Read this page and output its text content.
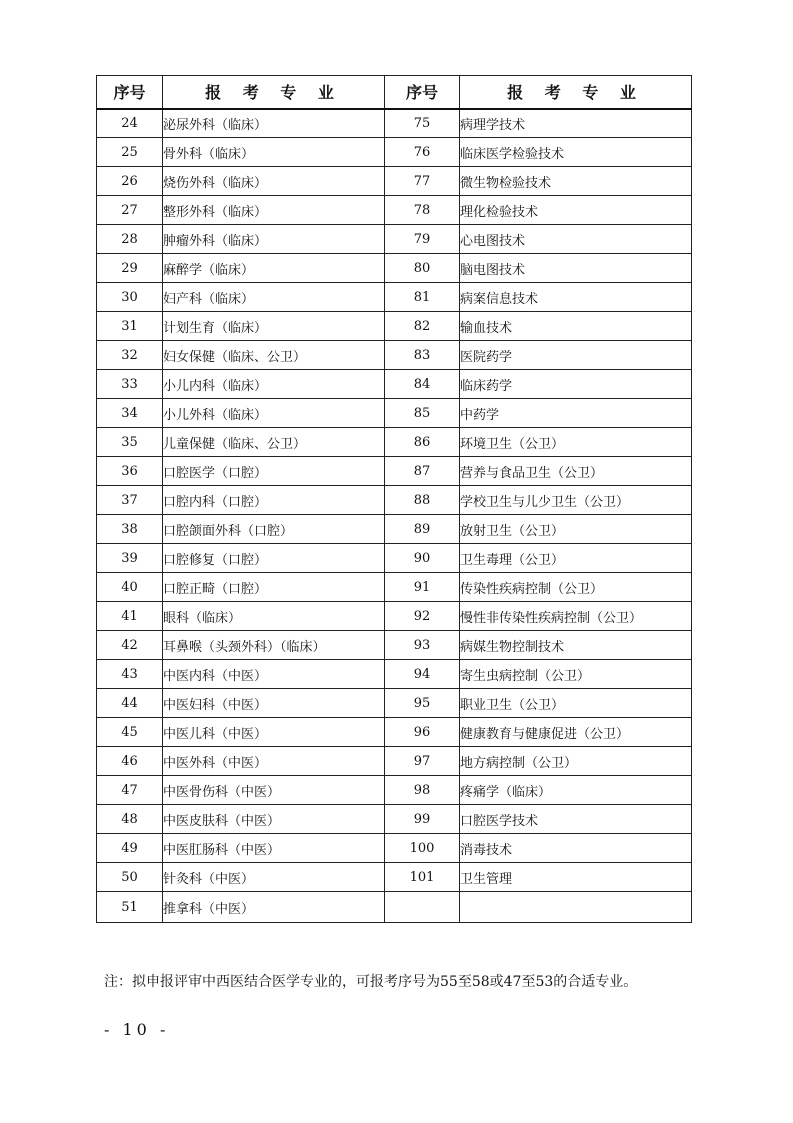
序号	报 考 专 业	序号	报 考 专 业
24	泌尿外科（临床）	75	病理学技术
25	骨外科（临床）	76	临床医学检验技术
26	烧伤外科（临床）	77	微生物检验技术
27	整形外科（临床）	78	理化检验技术
28	肿瘤外科（临床）	79	心电图技术
29	麻醉学（临床）	80	脑电图技术
30	妇产科（临床）	81	病案信息技术
31	计划生育（临床）	82	输血技术
32	妇女保健（临床、公卫）	83	医院药学
33	小儿内科（临床）	84	临床药学
34	小儿外科（临床）	85	中药学
35	儿童保健（临床、公卫）	86	环境卫生（公卫）
36	口腔医学（口腔）	87	营养与食品卫生（公卫）
37	口腔内科（口腔）	88	学校卫生与儿少卫生（公卫）
38	口腔颌面外科（口腔）	89	放射卫生（公卫）
39	口腔修复（口腔）	90	卫生毒理（公卫）
40	口腔正畸（口腔）	91	传染性疾病控制（公卫）
41	眼科（临床）	92	慢性非传染性疾病控制（公卫）
42	耳鼻喉（头颈外科）（临床）	93	病媒生物控制技术
43	中医内科（中医）	94	寄生虫病控制（公卫）
44	中医妇科（中医）	95	职业卫生（公卫）
45	中医儿科（中医）	96	健康教育与健康促进（公卫）
46	中医外科（中医）	97	地方病控制（公卫）
47	中医骨伤科（中医）	98	疼痛学（临床）
48	中医皮肤科（中医）	99	口腔医学技术
49	中医肛肠科（中医）	100	消毒技术
50	针灸科（中医）	101	卫生管理
51	推拿科（中医）		
注：拟申报评审中西医结合医学专业的，可报考序号为55至58或47至53的合适专业。
- 10 -
